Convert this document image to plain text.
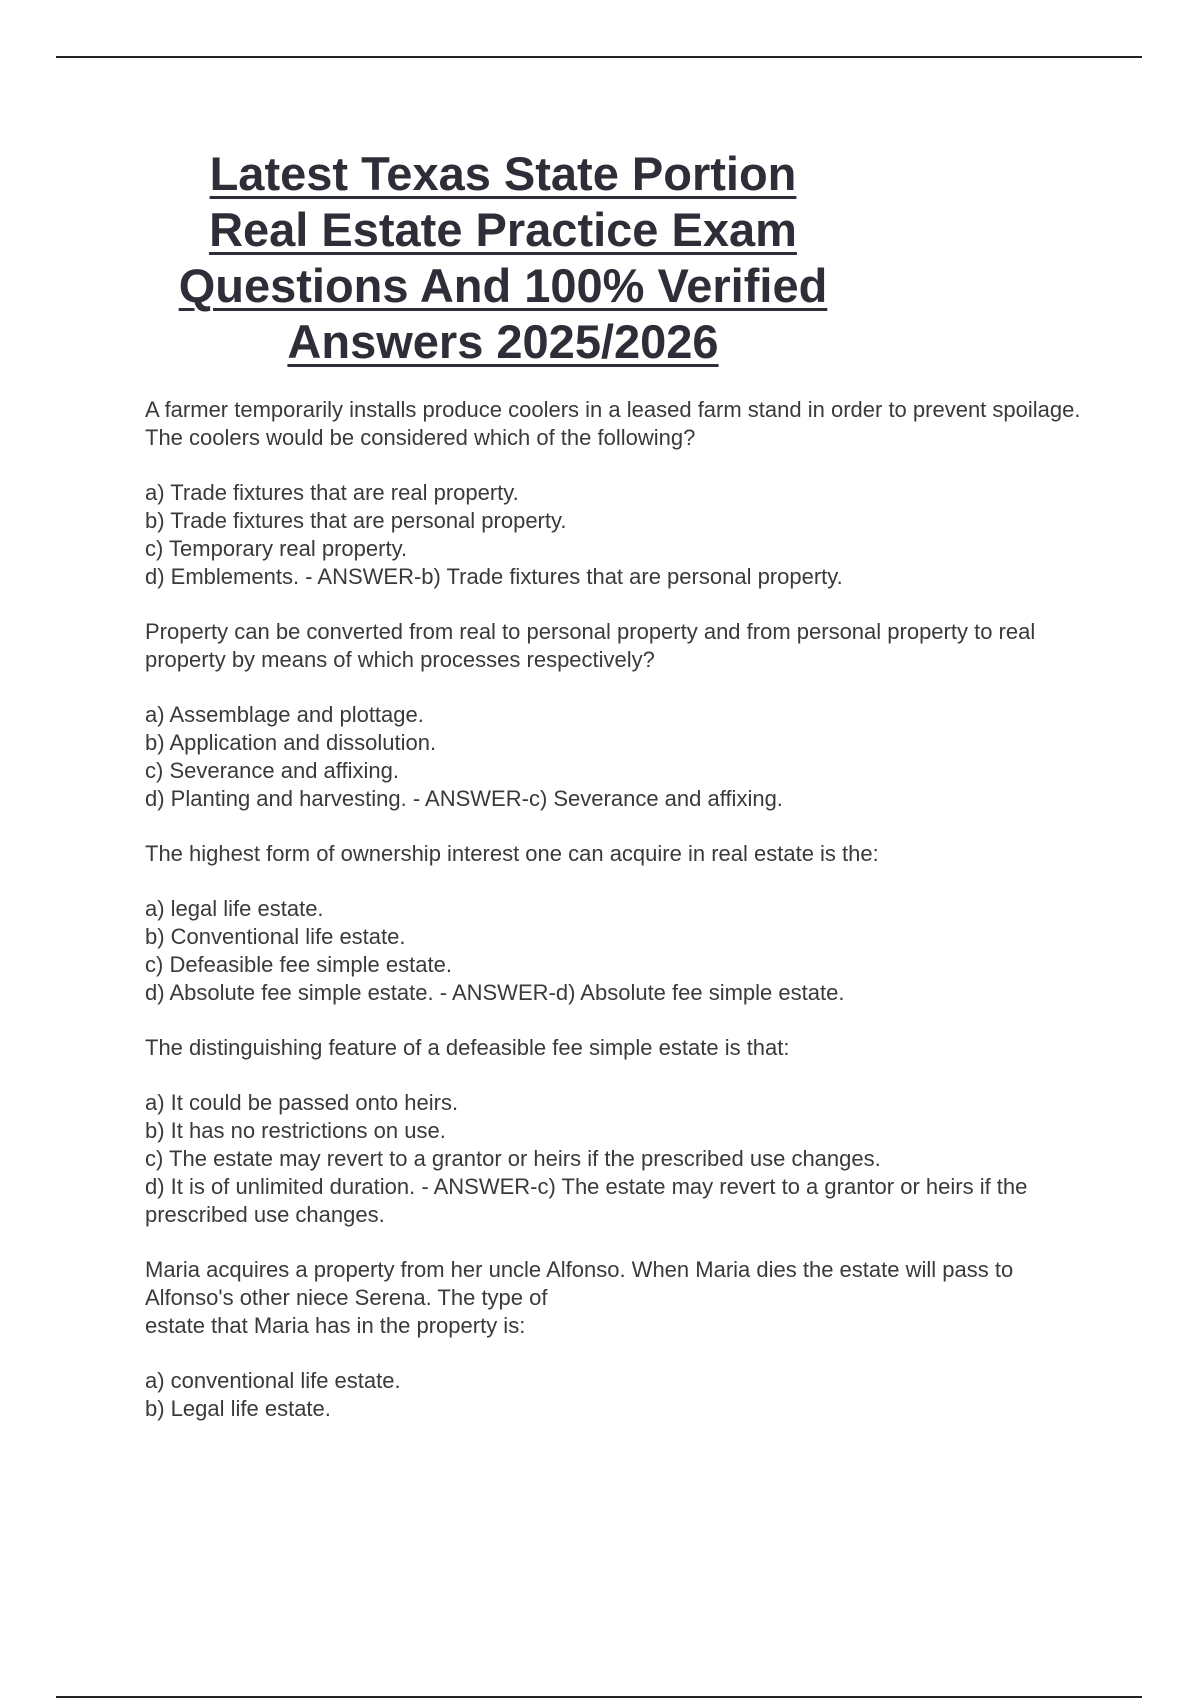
Latest Texas State Portion
Real Estate Practice Exam
Questions And 100% Verified
Answers 2025/2026
A farmer temporarily installs produce coolers in a leased farm stand in order to prevent spoilage. The coolers would be considered which of the following?
a) Trade fixtures that are real property.
b) Trade fixtures that are personal property.
c) Temporary real property.
d) Emblements. - ANSWER-b) Trade fixtures that are personal property.
Property can be converted from real to personal property and from personal property to real property by means of which processes respectively?
a) Assemblage and plottage.
b) Application and dissolution.
c) Severance and affixing.
d) Planting and harvesting. - ANSWER-c) Severance and affixing.
The highest form of ownership interest one can acquire in real estate is the:
a) legal life estate.
b) Conventional life estate.
c) Defeasible fee simple estate.
d) Absolute fee simple estate. - ANSWER-d) Absolute fee simple estate.
The distinguishing feature of a defeasible fee simple estate is that:
a) It could be passed onto heirs.
b) It has no restrictions on use.
c) The estate may revert to a grantor or heirs if the prescribed use changes.
d) It is of unlimited duration. - ANSWER-c) The estate may revert to a grantor or heirs if the prescribed use changes.
Maria acquires a property from her uncle Alfonso. When Maria dies the estate will pass to Alfonso's other niece Serena. The type of
estate that Maria has in the property is:
a) conventional life estate.
b) Legal life estate.
